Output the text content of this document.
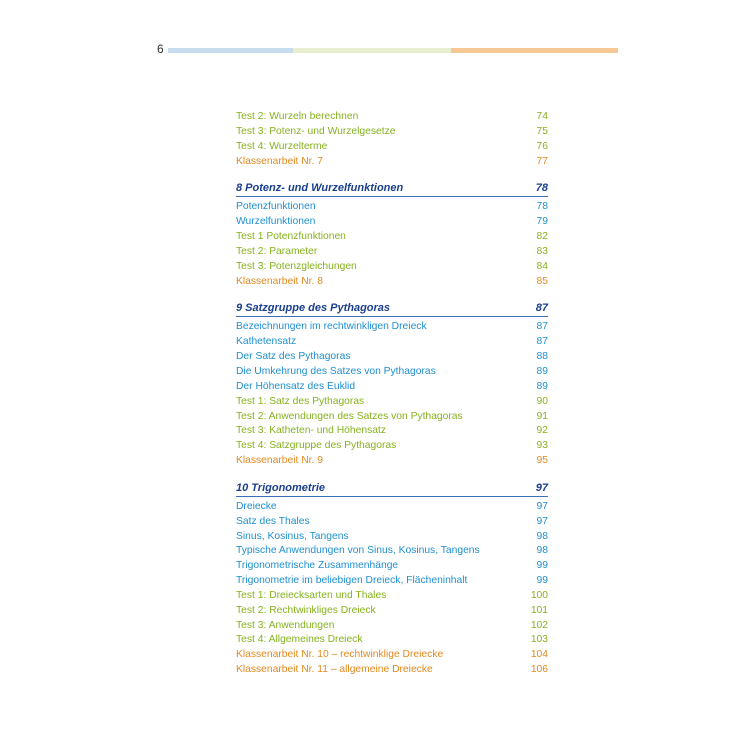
6
Test 2: Wurzeln berechnen	74
Test 3: Potenz- und Wurzelgesetze	75
Test 4: Wurzelterme	76
Klassenarbeit Nr. 7	77
8 Potenz- und Wurzelfunktionen	78
Potenzfunktionen	78
Wurzelfunktionen	79
Test 1 Potenzfunktionen	82
Test 2: Parameter	83
Test 3: Potenzgleichungen	84
Klassenarbeit Nr. 8	85
9 Satzgruppe des Pythagoras	87
Bezeichnungen im rechtwinkligen Dreieck	87
Kathetensatz	87
Der Satz des Pythagoras	88
Die Umkehrung des Satzes von Pythagoras	89
Der Höhensatz des Euklid	89
Test 1: Satz des Pythagoras	90
Test 2: Anwendungen des Satzes von Pythagoras	91
Test 3: Katheten- und Höhensatz	92
Test 4: Satzgruppe des Pythagoras	93
Klassenarbeit Nr. 9	95
10 Trigonometrie	97
Dreiecke	97
Satz des Thales	97
Sinus, Kosinus, Tangens	98
Typische Anwendungen von Sinus, Kosinus, Tangens	98
Trigonometrische Zusammenhänge	99
Trigonometrie im beliebigen Dreieck, Flächeninhalt	99
Test 1: Dreiecksarten und Thales	100
Test 2: Rechtwinkliges Dreieck	101
Test 3: Anwendungen	102
Test 4: Allgemeines Dreieck	103
Klassenarbeit Nr. 10 – rechtwinklige Dreiecke	104
Klassenarbeit Nr. 11 – allgemeine Dreiecke	106
